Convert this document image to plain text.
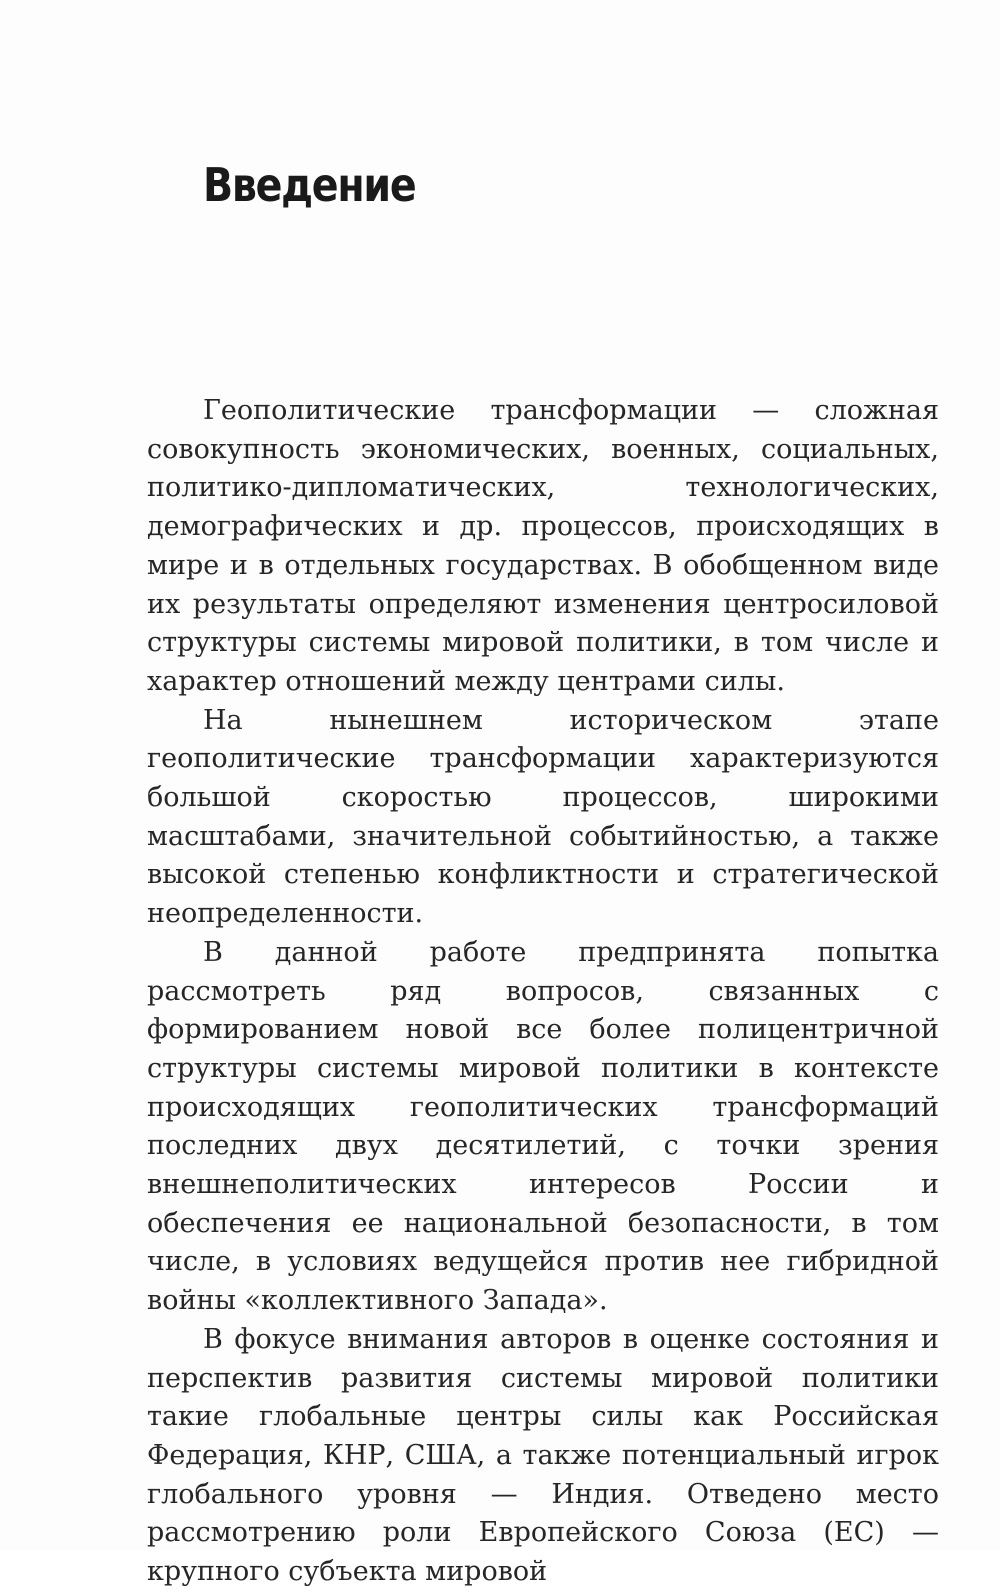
Введение

Геополитические трансформации — сложная совокупность экономических, военных, социальных, политико-дипломатических, технологических, демографических и др. процессов, происходящих в мире и в отдельных государствах. В обобщенном виде их результаты определяют изменения центросиловой структуры системы мировой политики, в том числе и характер отношений между центрами силы.

На нынешнем историческом этапе геополитические трансформации характеризуются большой скоростью процессов, широкими масштабами, значительной событийностью, а также высокой степенью конфликтности и стратегической неопределенности.

В данной работе предпринята попытка рассмотреть ряд вопросов, связанных с формированием новой все более полицентричной структуры системы мировой политики в контексте происходящих геополитических трансформаций последних двух десятилетий, с точки зрения внешнеполитических интересов России и обеспечения ее национальной безопасности, в том числе, в условиях ведущейся против нее гибридной войны «коллективного Запада».

В фокусе внимания авторов в оценке состояния и перспектив развития системы мировой политики такие глобальные центры силы как Российская Федерация, КНР, США, а также потенциальный игрок глобального уровня — Индия. Отведено место рассмотрению роли Европейского Союза (ЕС) — крупного субъекта мировой
